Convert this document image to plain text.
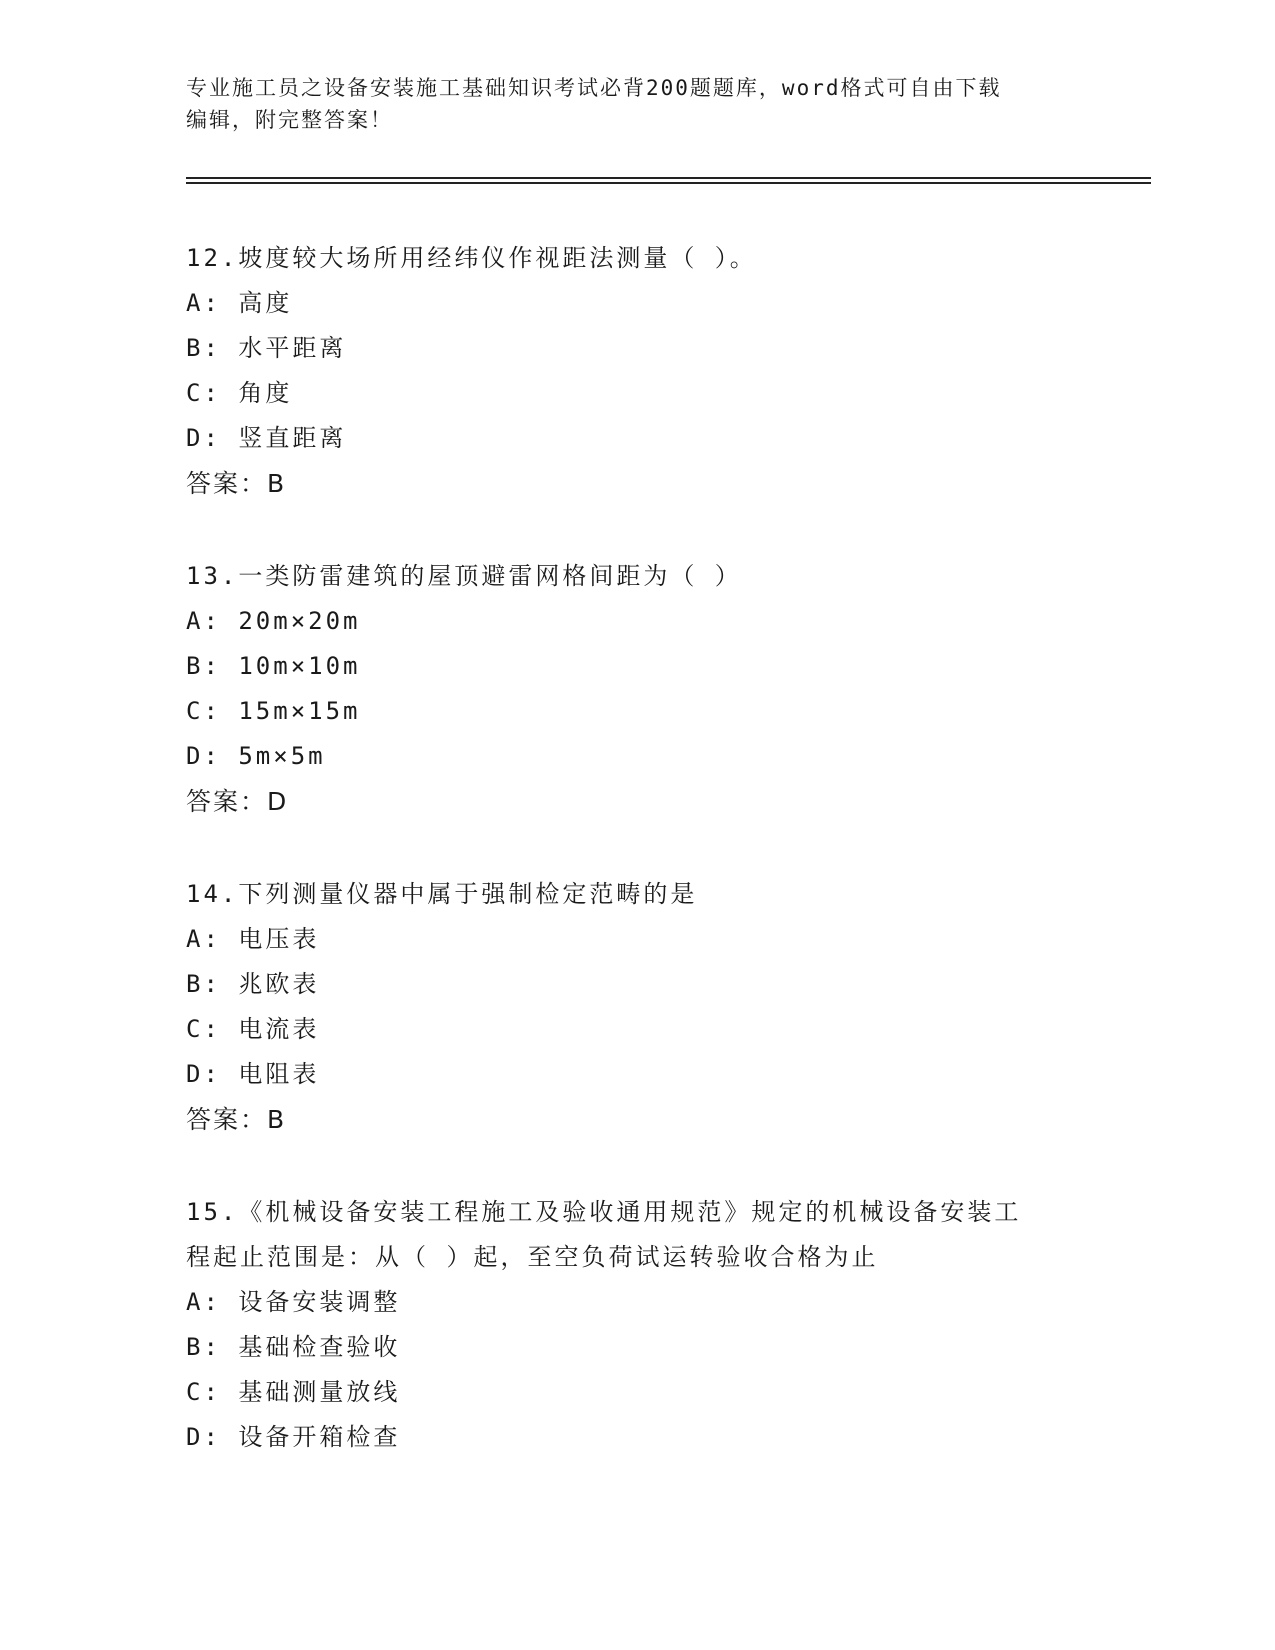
专业施工员之设备安装施工基础知识考试必背200题题库，word格式可自由下载
编辑，附完整答案！
12.坡度较大场所用经纬仪作视距法测量（ ）。
A: 高度
B: 水平距离
C: 角度
D: 竖直距离
答案：B
13.一类防雷建筑的屋顶避雷网格间距为（ ）
A: 20m×20m
B: 10m×10m
C: 15m×15m
D: 5m×5m
答案：D
14.下列测量仪器中属于强制检定范畴的是
A: 电压表
B: 兆欧表
C: 电流表
D: 电阻表
答案：B
15.《机械设备安装工程施工及验收通用规范》规定的机械设备安装工
程起止范围是：从（ ）起，至空负荷试运转验收合格为止
A: 设备安装调整
B: 基础检查验收
C: 基础测量放线
D: 设备开箱检查
